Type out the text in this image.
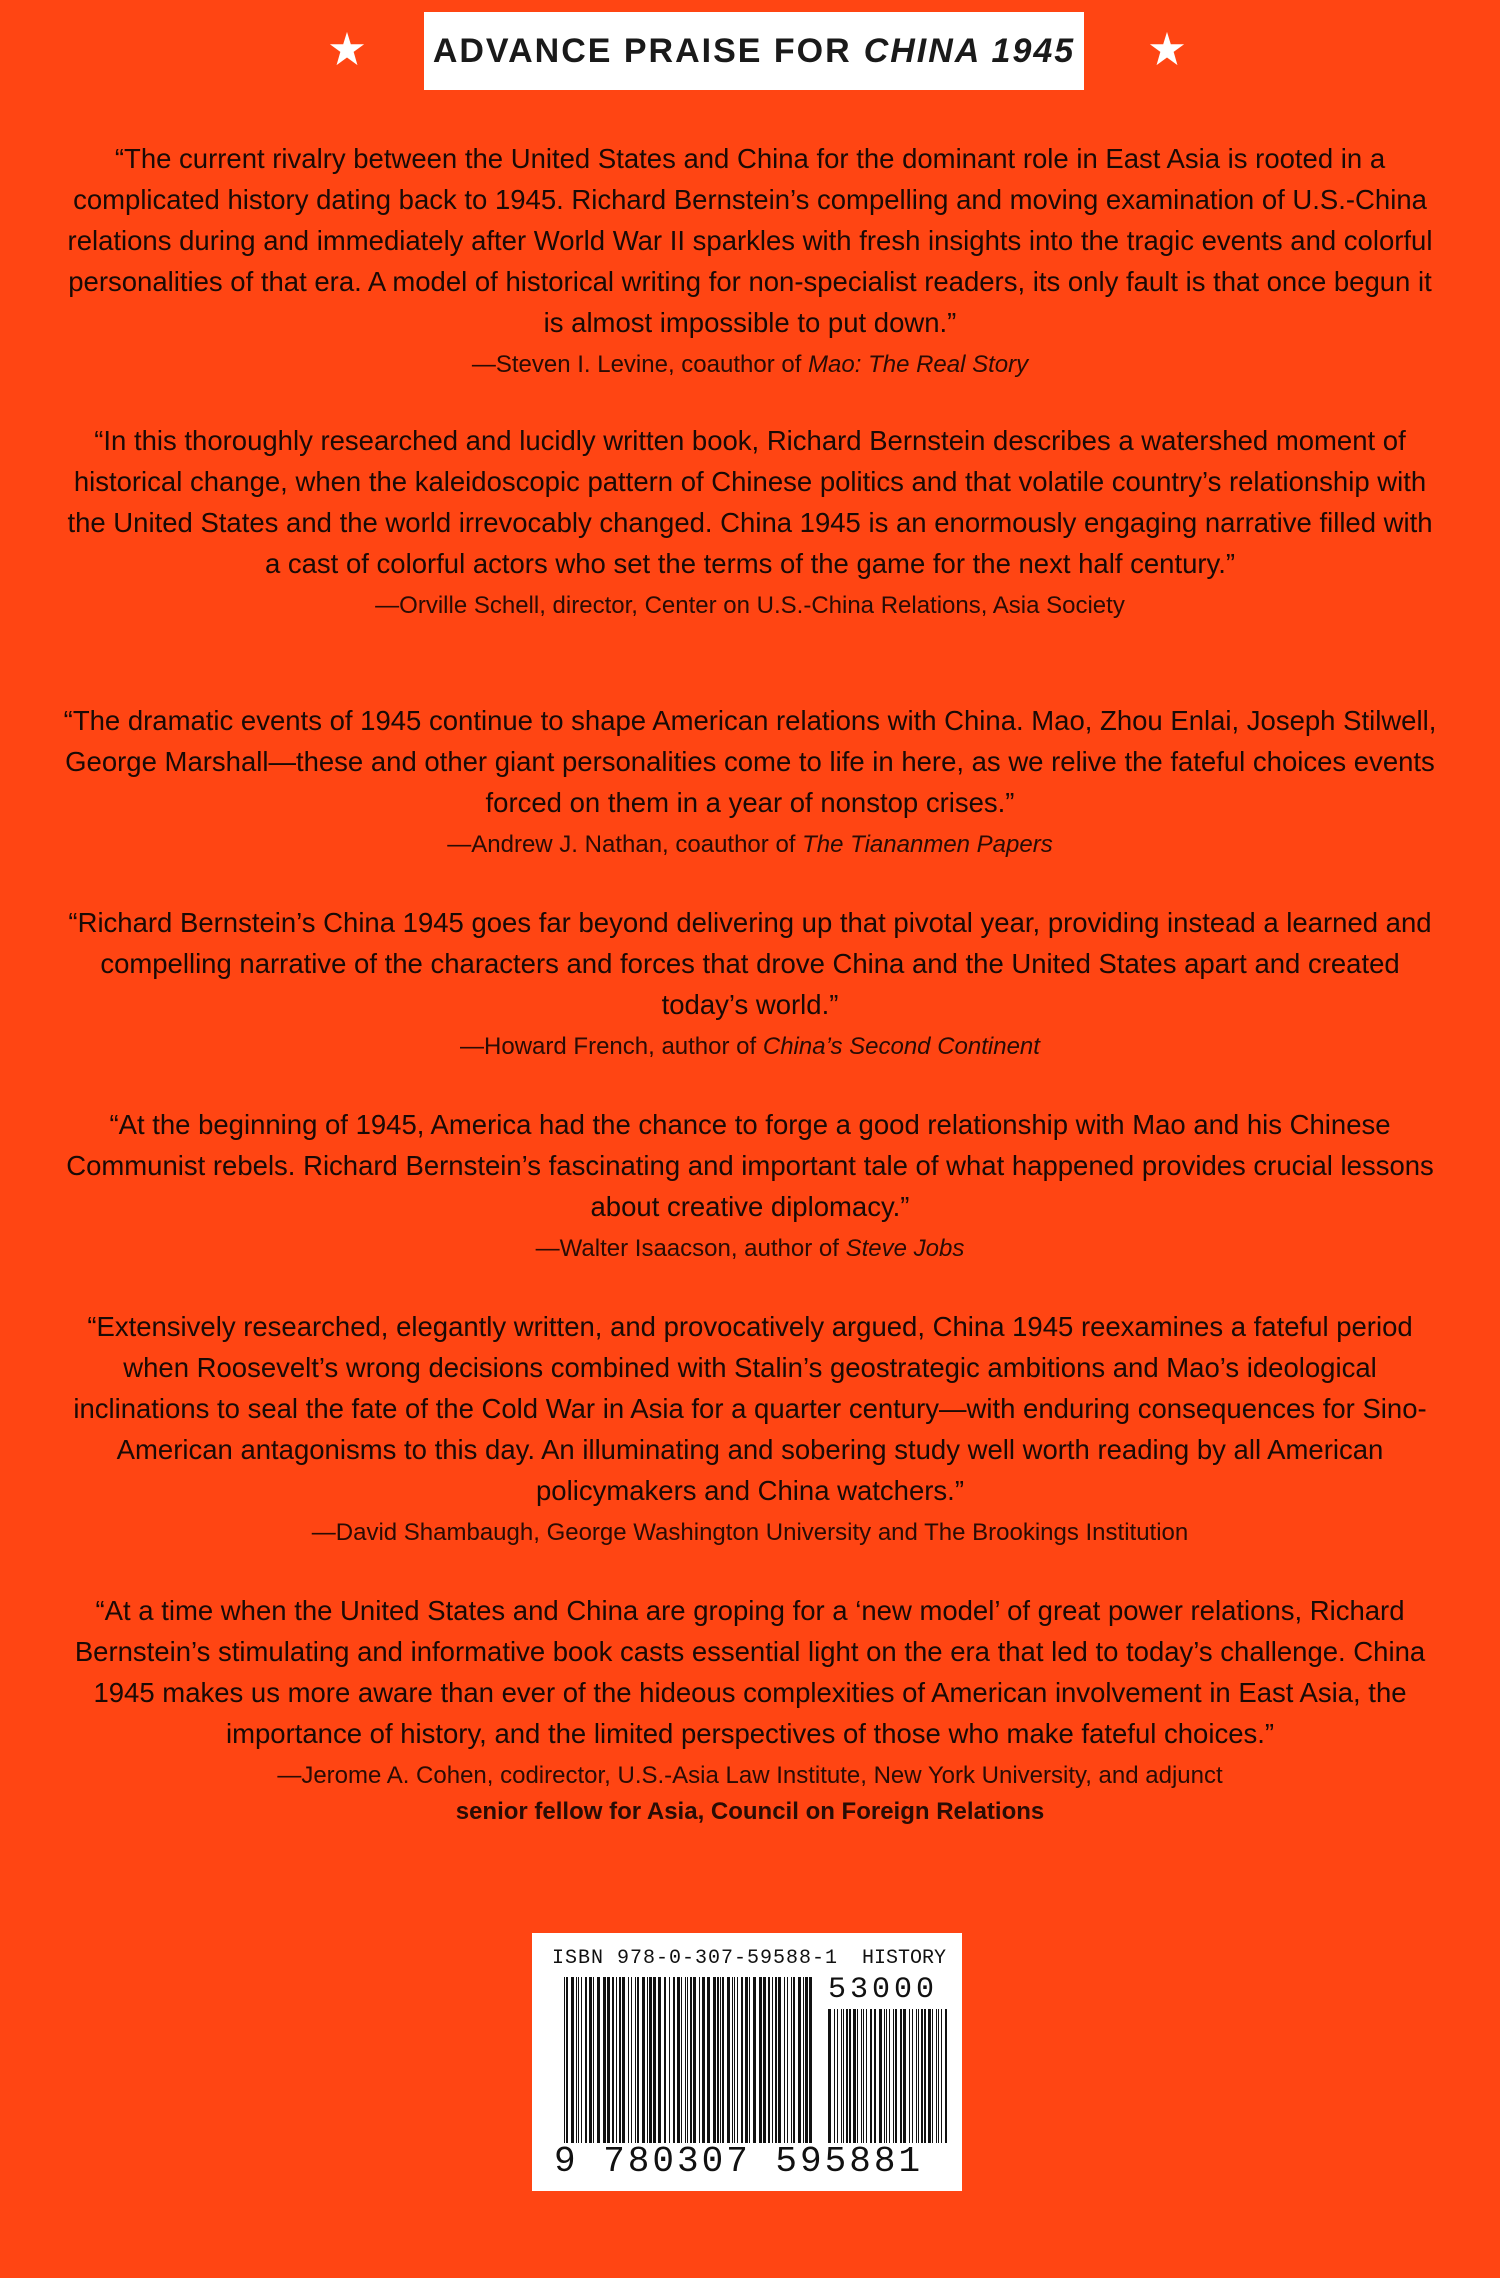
ADVANCE PRAISE FOR CHINA 1945
“The current rivalry between the United States and China for the dominant role in East Asia is rooted in a complicated history dating back to 1945. Richard Bernstein’s compelling and moving examination of U.S.-China relations during and immediately after World War II sparkles with fresh insights into the tragic events and colorful personalities of that era. A model of historical writing for non-specialist readers, its only fault is that once begun it is almost impossible to put down.”
—Steven I. Levine, coauthor of Mao: The Real Story
“In this thoroughly researched and lucidly written book, Richard Bernstein describes a watershed moment of historical change, when the kaleidoscopic pattern of Chinese politics and that volatile country’s relationship with the United States and the world irrevocably changed. China 1945 is an enormously engaging narrative filled with a cast of colorful actors who set the terms of the game for the next half century.”
—Orville Schell, director, Center on U.S.-China Relations, Asia Society
“The dramatic events of 1945 continue to shape American relations with China. Mao, Zhou Enlai, Joseph Stilwell, George Marshall—these and other giant personalities come to life in here, as we relive the fateful choices events forced on them in a year of nonstop crises.”
—Andrew J. Nathan, coauthor of The Tiananmen Papers
“Richard Bernstein’s China 1945 goes far beyond delivering up that pivotal year, providing instead a learned and compelling narrative of the characters and forces that drove China and the United States apart and created today’s world.”
—Howard French, author of China’s Second Continent
“At the beginning of 1945, America had the chance to forge a good relationship with Mao and his Chinese Communist rebels. Richard Bernstein’s fascinating and important tale of what happened provides crucial lessons about creative diplomacy.”
—Walter Isaacson, author of Steve Jobs
“Extensively researched, elegantly written, and provocatively argued, China 1945 reexamines a fateful period when Roosevelt’s wrong decisions combined with Stalin’s geostrategic ambitions and Mao’s ideological inclinations to seal the fate of the Cold War in Asia for a quarter century—with enduring consequences for Sino-American antagonisms to this day. An illuminating and sobering study well worth reading by all American policymakers and China watchers.”
—David Shambaugh, George Washington University and The Brookings Institution
“At a time when the United States and China are groping for a ‘new model’ of great power relations, Richard Bernstein’s stimulating and informative book casts essential light on the era that led to today’s challenge. China 1945 makes us more aware than ever of the hideous complexities of American involvement in East Asia, the importance of history, and the limited perspectives of those who make fateful choices.”
—Jerome A. Cohen, codirector, U.S.-Asia Law Institute, New York University, and adjunct
senior fellow for Asia, Council on Foreign Relations
ISBN 978-0-307-59588-1 HISTORY
53000
9 780307 595881
